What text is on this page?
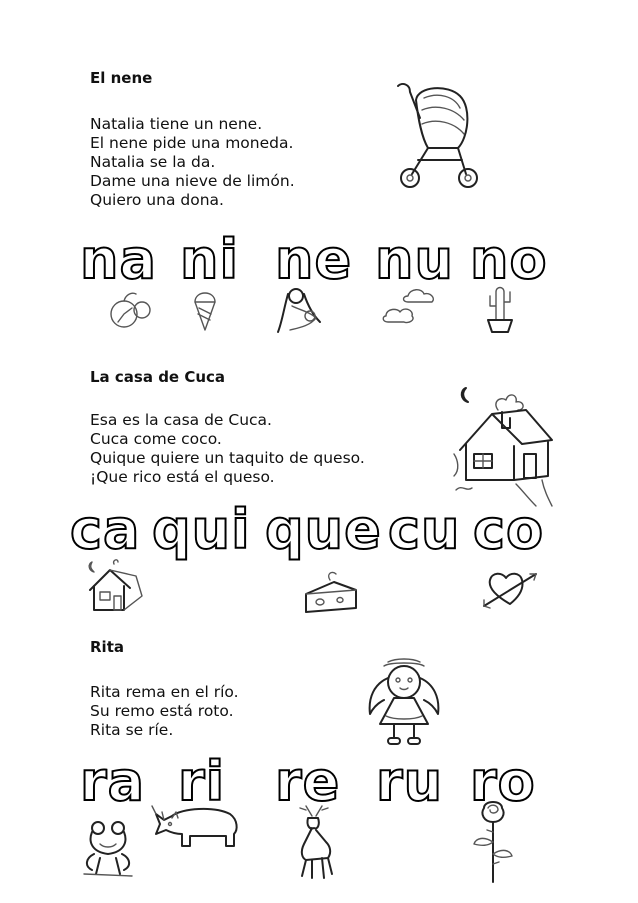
El nene
Natalia tiene un nene.
El nene pide una moneda.
Natalia se la da.
Dame una nieve de limón.
Quiero una dona.
na ni ne nu no
La casa de Cuca
Esa es la casa de Cuca.
Cuca come coco.
Quique quiere un taquito de queso.
¡Que rico está el queso.
ca qui que cu co
Rita
Rita rema en el río.
Su remo está roto.
Rita se ríe.
ra ri re ru ro
